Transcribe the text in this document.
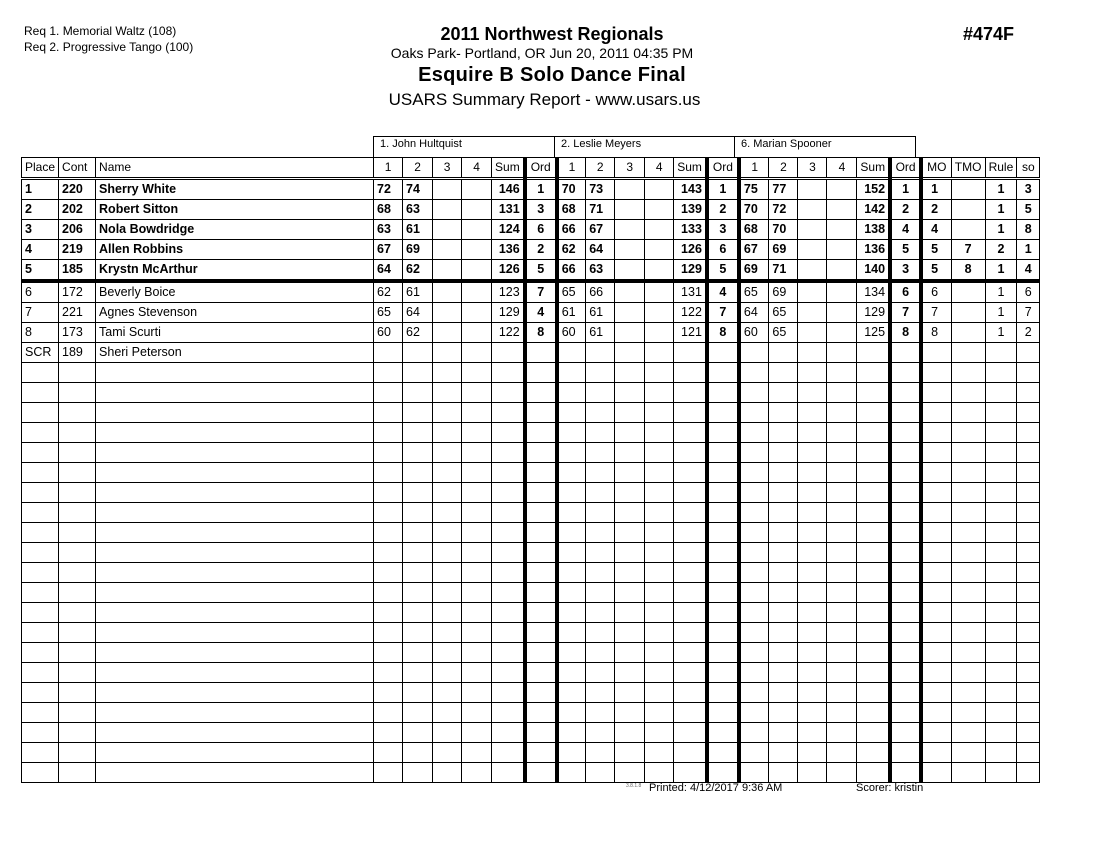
Req 1. Memorial Waltz (108)
Req 2. Progressive Tango (100)
2011 Northwest Regionals
Oaks Park- Portland, OR Jun 20, 2011 04:35 PM
Esquire B Solo Dance Final
USARS Summary Report - www.usars.us
#474F
1. John Hultquist	2. Leslie Meyers	6. Marian Spooner
Place	Cont	Name	1	2	3	4	Sum	Ord	1	2	3	4	Sum	Ord	1	2	3	4	Sum	Ord	MO	TMO	Rule	so
1	220	Sherry White	72	74			146	1	70	73			143	1	75	77			152	1	1		1	3
2	202	Robert Sitton	68	63			131	3	68	71			139	2	70	72			142	2	2		1	5
3	206	Nola Bowdridge	63	61			124	6	66	67			133	3	68	70			138	4	4		1	8
4	219	Allen Robbins	67	69			136	2	62	64			126	6	67	69			136	5	5	7	2	1
5	185	Krystn McArthur	64	62			126	5	66	63			129	5	69	71			140	3	5	8	1	4
6	172	Beverly Boice	62	61			123	7	65	66			131	4	65	69			134	6	6		1	6
7	221	Agnes Stevenson	65	64			129	4	61	61			122	7	64	65			129	7	7		1	7
8	173	Tami Scurti	60	62			122	8	60	61			121	8	60	65			125	8	8		1	2
SCR	189	Sheri Peterson																						

3.8.1.8 Printed: 4/12/2017 9:36 AM	Scorer: kristin
